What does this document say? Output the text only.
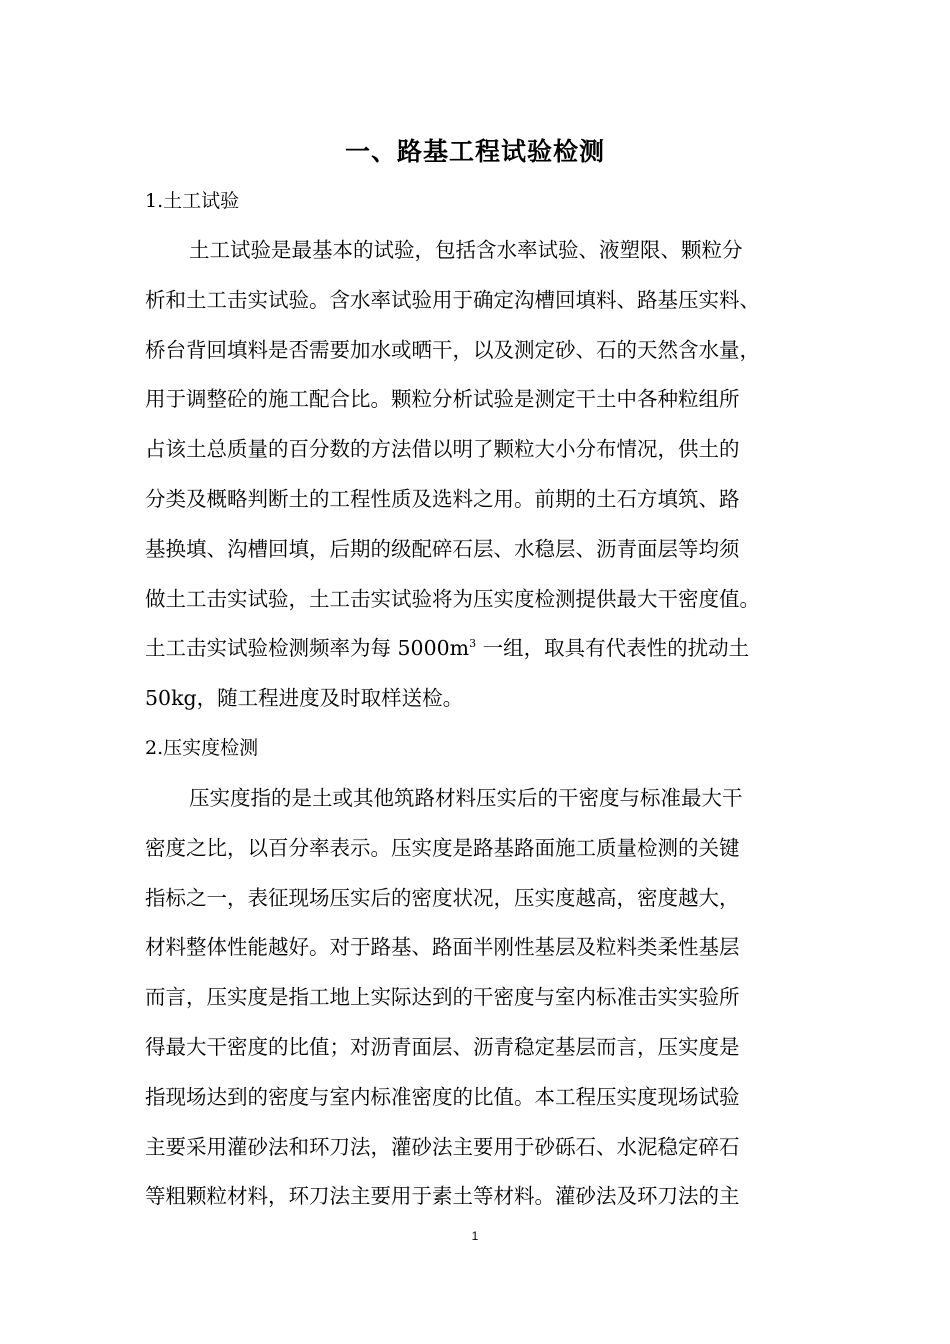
一、路基工程试验检测
1.土工试验
土工试验是最基本的试验，包括含水率试验、液塑限、颗粒分
析和土工击实试验。含水率试验用于确定沟槽回填料、路基压实料、
桥台背回填料是否需要加水或晒干，以及测定砂、石的天然含水量，
用于调整砼的施工配合比。颗粒分析试验是测定干土中各种粒组所
占该土总质量的百分数的方法借以明了颗粒大小分布情况，供土的
分类及概略判断土的工程性质及选料之用。前期的土石方填筑、路
基换填、沟槽回填，后期的级配碎石层、水稳层、沥青面层等均须
做土工击实试验，土工击实试验将为压实度检测提供最大干密度值。
土工击实试验检测频率为每 $5000m^3$ 一组，取具有代表性的扰动土
50kg，随工程进度及时取样送检。
2.压实度检测
压实度指的是土或其他筑路材料压实后的干密度与标准最大干
密度之比，以百分率表示。压实度是路基路面施工质量检测的关键
指标之一，表征现场压实后的密度状况，压实度越高，密度越大，
材料整体性能越好。对于路基、路面半刚性基层及粒料类柔性基层
而言，压实度是指工地上实际达到的干密度与室内标准击实实验所
得最大干密度的比值；对沥青面层、沥青稳定基层而言，压实度是
指现场达到的密度与室内标准密度的比值。本工程压实度现场试验
主要采用灌砂法和环刀法，灌砂法主要用于砂砾石、水泥稳定碎石
等粗颗粒材料，环刀法主要用于素土等材料。灌砂法及环刀法的主
1
